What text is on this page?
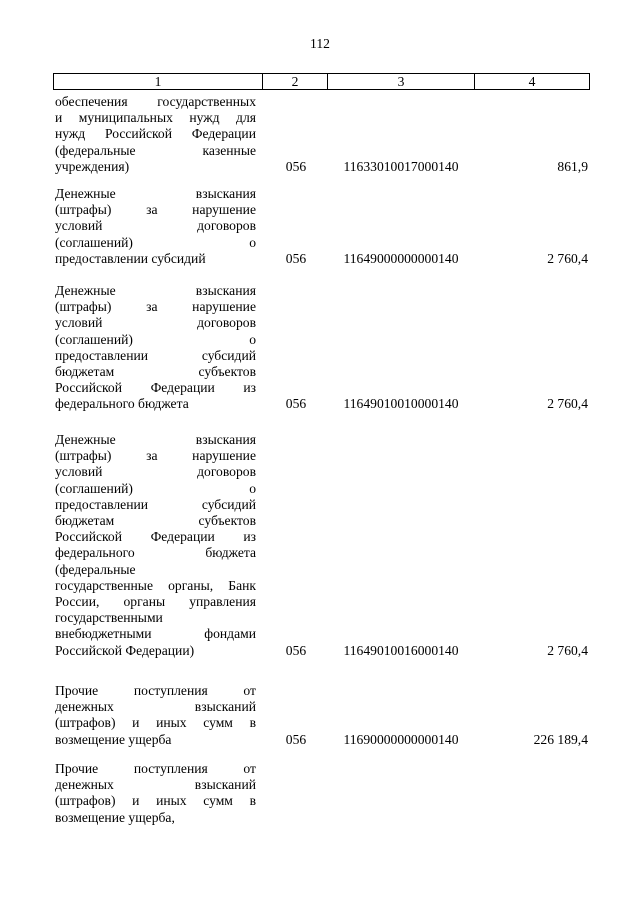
112
1	2	3	4
обеспечения государственных
и муниципальных нужд для
нужд Российской Федерации
(федеральные казенные
учреждения)	056	11633010017000140	861,9
Денежные взыскания
(штрафы) за нарушение
условий договоров
(соглашений) о
предоставлении субсидий	056	11649000000000140	2 760,4
Денежные взыскания
(штрафы) за нарушение
условий договоров
(соглашений) о
предоставлении субсидий
бюджетам субъектов
Российской Федерации из
федерального бюджета	056	11649010010000140	2 760,4
Денежные взыскания
(штрафы) за нарушение
условий договоров
(соглашений) о
предоставлении субсидий
бюджетам субъектов
Российской Федерации из
федерального бюджета
(федеральные
государственные органы, Банк
России, органы управления
государственными
внебюджетными фондами
Российской Федерации)	056	11649010016000140	2 760,4
Прочие поступления от
денежных взысканий
(штрафов) и иных сумм в
возмещение ущерба	056	11690000000000140	226 189,4
Прочие поступления от
денежных взысканий
(штрафов) и иных сумм в
возмещение ущерба,
